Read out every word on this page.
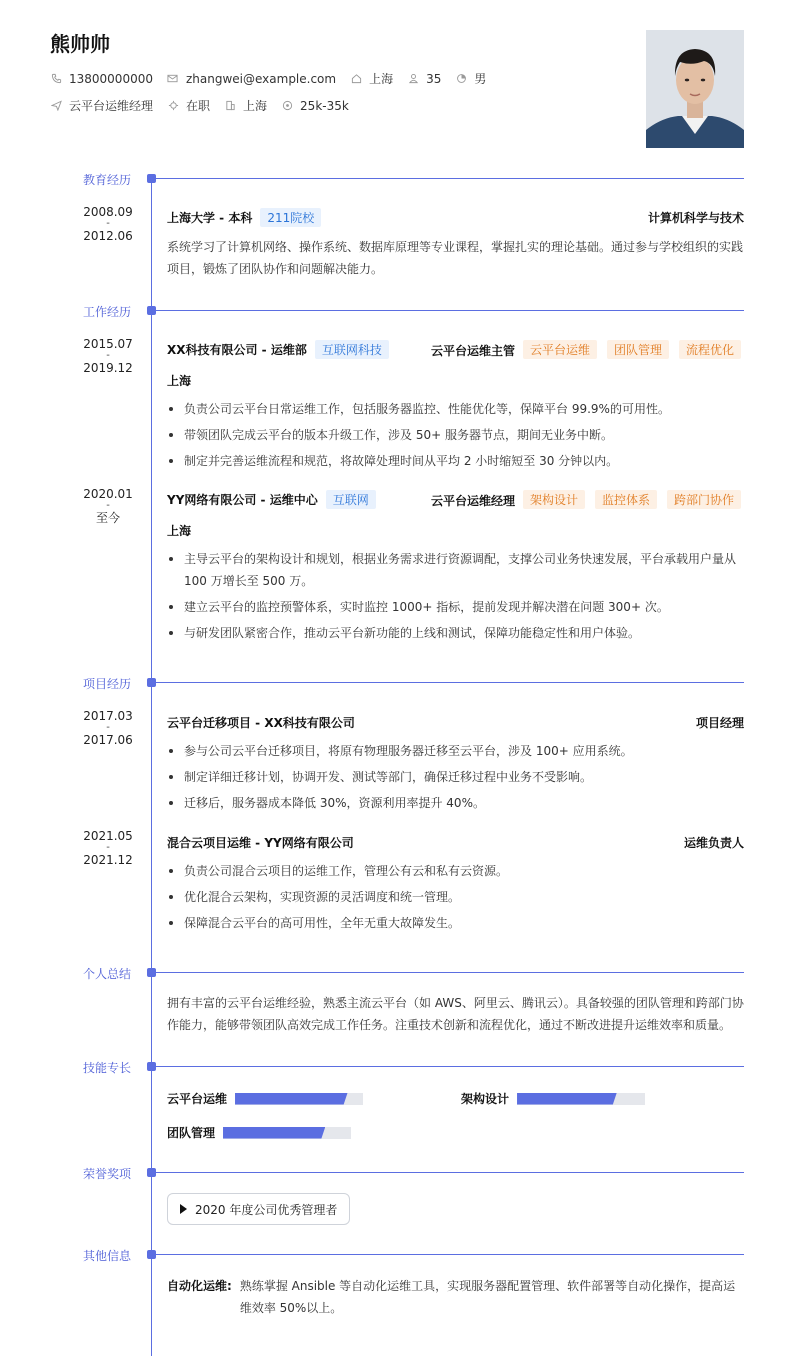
熊帅帅
13800000000	zhangwei@example.com	上海	35	男
云平台运维经理	在职	上海	25k-35k
教育经历
2008.09
-
2012.06
上海大学 - 本科	211院校	计算机科学与技术
系统学习了计算机网络、操作系统、数据库原理等专业课程，掌握扎实的理论基础。通过参与学校组织的实践项目，锻炼了团队协作和问题解决能力。
工作经历
2015.07
-
2019.12
XX科技有限公司 - 运维部	互联网科技	云平台运维主管	云平台运维	团队管理	流程优化
上海
负责公司云平台日常运维工作，包括服务器监控、性能优化等，保障平台 99.9%的可用性。
带领团队完成云平台的版本升级工作，涉及 50+ 服务器节点，期间无业务中断。
制定并完善运维流程和规范，将故障处理时间从平均 2 小时缩短至 30 分钟以内。
2020.01
-
至今
YY网络有限公司 - 运维中心	互联网	云平台运维经理	架构设计	监控体系	跨部门协作
上海
主导云平台的架构设计和规划，根据业务需求进行资源调配，支撑公司业务快速发展，平台承载用户量从 100 万增长至 500 万。
建立云平台的监控预警体系，实时监控 1000+ 指标，提前发现并解决潜在问题 300+ 次。
与研发团队紧密合作，推动云平台新功能的上线和测试，保障功能稳定性和用户体验。
项目经历
2017.03
-
2017.06
云平台迁移项目 - XX科技有限公司	项目经理
参与公司云平台迁移项目，将原有物理服务器迁移至云平台，涉及 100+ 应用系统。
制定详细迁移计划，协调开发、测试等部门，确保迁移过程中业务不受影响。
迁移后，服务器成本降低 30%，资源利用率提升 40%。
2021.05
-
2021.12
混合云项目运维 - YY网络有限公司	运维负责人
负责公司混合云项目的运维工作，管理公有云和私有云资源。
优化混合云架构，实现资源的灵活调度和统一管理。
保障混合云平台的高可用性，全年无重大故障发生。
个人总结
拥有丰富的云平台运维经验，熟悉主流云平台（如 AWS、阿里云、腾讯云）。具备较强的团队管理和跨部门协作能力，能够带领团队高效完成工作任务。注重技术创新和流程优化，通过不断改进提升运维效率和质量。
技能专长
云平台运维	架构设计
团队管理
荣誉奖项
2020 年度公司优秀管理者
其他信息
自动化运维: 熟练掌握 Ansible 等自动化运维工具，实现服务器配置管理、软件部署等自动化操作，提高运维效率 50%以上。
